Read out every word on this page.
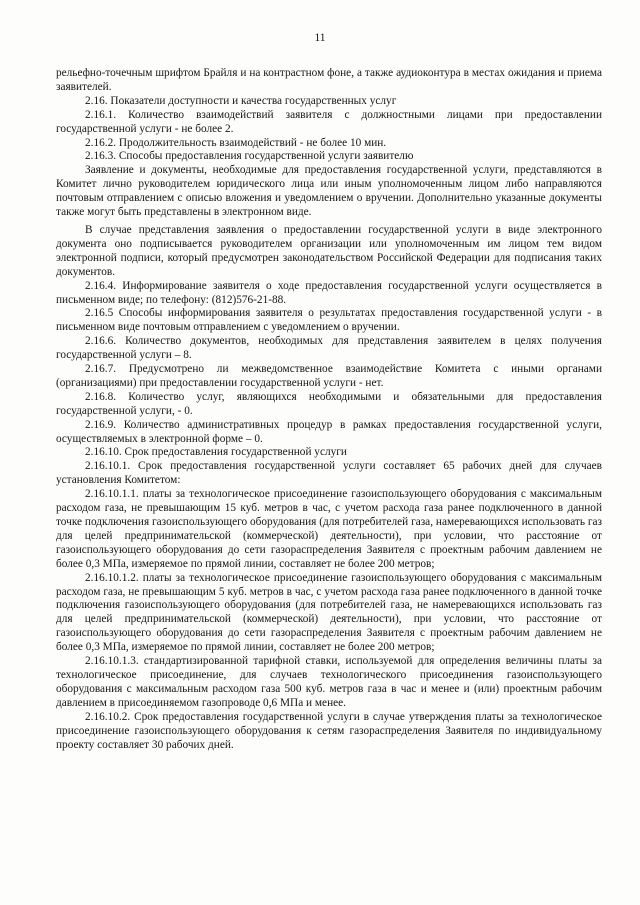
11

рельефно-точечным шрифтом Брайля и на контрастном фоне, а также аудиоконтура в местах ожидания и приема заявителей.

2.16. Показатели доступности и качества государственных услуг

2.16.1. Количество взаимодействий заявителя с должностными лицами при предоставлении государственной услуги - не более 2.

2.16.2. Продолжительность взаимодействий - не более 10 мин.

2.16.3. Способы предоставления государственной услуги заявителю

Заявление и документы, необходимые для предоставления государственной услуги, представляются в Комитет лично руководителем юридического лица или иным уполномоченным лицом либо направляются почтовым отправлением с описью вложения и уведомлением о вручении. Дополнительно указанные документы также могут быть представлены в электронном виде.

В случае представления заявления о предоставлении государственной услуги в виде электронного документа оно подписывается руководителем организации или уполномоченным им лицом тем видом электронной подписи, который предусмотрен законодательством Российской Федерации для подписания таких документов.

2.16.4. Информирование заявителя о ходе предоставления государственной услуги осуществляется в письменном виде; по телефону: (812)576-21-88.

2.16.5 Способы информирования заявителя о результатах предоставления государственной услуги - в письменном виде почтовым отправлением с уведомлением о вручении.

2.16.6. Количество документов, необходимых для представления заявителем в целях получения государственной услуги – 8.

2.16.7. Предусмотрено ли межведомственное взаимодействие Комитета с иными органами (организациями) при предоставлении государственной услуги - нет.

2.16.8. Количество услуг, являющихся необходимыми и обязательными для предоставления государственной услуги, - 0.

2.16.9. Количество административных процедур в рамках предоставления государственной услуги, осуществляемых в электронной форме – 0.

2.16.10. Срок предоставления государственной услуги

2.16.10.1. Срок предоставления государственной услуги составляет 65 рабочих дней для случаев установления Комитетом:

2.16.10.1.1. платы за технологическое присоединение газоиспользующего оборудования с максимальным расходом газа, не превышающим 15 куб. метров в час, с учетом расхода газа ранее подключенного в данной точке подключения газоиспользующего оборудования (для потребителей газа, намеревающихся использовать газ для целей предпринимательской (коммерческой) деятельности), при условии, что расстояние от газоиспользующего оборудования до сети газораспределения Заявителя с проектным рабочим давлением не более 0,3 МПа, измеряемое по прямой линии, составляет не более 200 метров;

2.16.10.1.2. платы за технологическое присоединение газоиспользующего оборудования с максимальным расходом газа, не превышающим 5 куб. метров в час, с учетом расхода газа ранее подключенного в данной точке подключения газоиспользующего оборудования (для потребителей газа, не намеревающихся использовать газ для целей предпринимательской (коммерческой) деятельности), при условии, что расстояние от газоиспользующего оборудования до сети газораспределения Заявителя с проектным рабочим давлением не более 0,3 МПа, измеряемое по прямой линии, составляет не более 200 метров;

2.16.10.1.3. стандартизированной тарифной ставки, используемой для определения величины платы за технологическое присоединение, для случаев технологического присоединения газоиспользующего оборудования с максимальным расходом газа 500 куб. метров газа в час и менее и (или) проектным рабочим давлением в присоединяемом газопроводе 0,6 МПа и менее.

2.16.10.2. Срок предоставления государственной услуги в случае утверждения платы за технологическое присоединение газоиспользующего оборудования к сетям газораспределения Заявителя по индивидуальному проекту составляет 30 рабочих дней.
